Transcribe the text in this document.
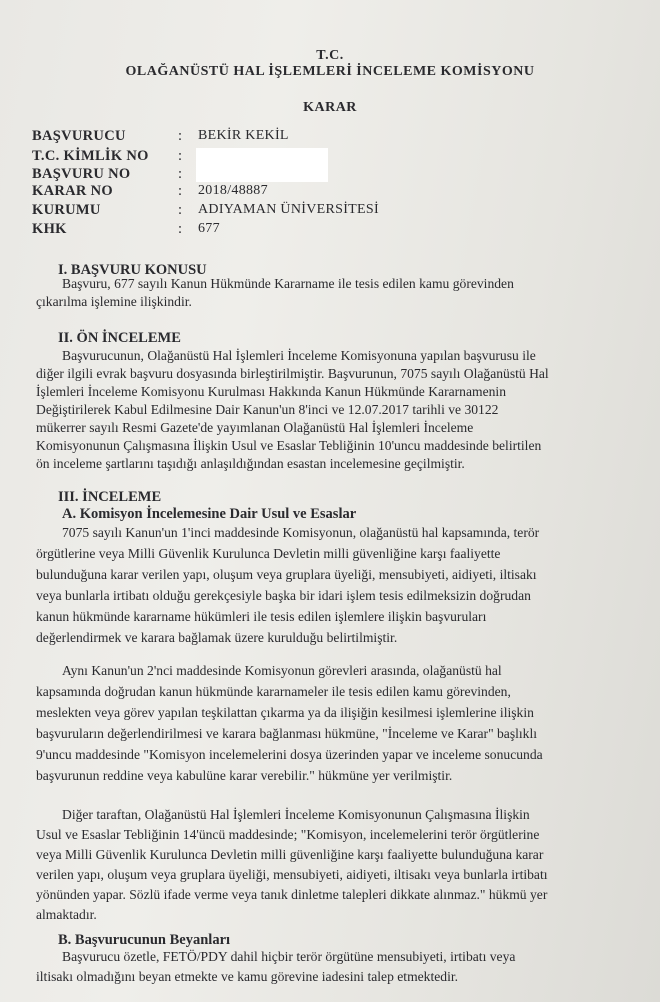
T.C.
OLAĞANÜSTÜ HAL İŞLEMLERİ İNCELEME KOMİSYONU
KARAR
BAŞVURUCU	: BEKİR KEKİL
T.C. KİMLİK NO :
BAŞVURU NO	:
KARAR NO	: 2018/48887
KURUMU	: ADIYAMAN ÜNİVERSİTESİ
KHK	: 677
I. BAŞVURU KONUSU
Başvuru, 677 sayılı Kanun Hükmünde Kararname ile tesis edilen kamu görevinden
çıkarılma işlemine ilişkindir.
II. ÖN İNCELEME
Başvurucunun, Olağanüstü Hal İşlemleri İnceleme Komisyonuna yapılan başvurusu ile
diğer ilgili evrak başvuru dosyasında birleştirilmiştir. Başvurunun, 7075 sayılı Olağanüstü Hal
İşlemleri İnceleme Komisyonu Kurulması Hakkında Kanun Hükmünde Kararnamenin
Değiştirilerek Kabul Edilmesine Dair Kanun'un 8'inci ve 12.07.2017 tarihli ve 30122
mükerrer sayılı Resmi Gazete'de yayımlanan Olağanüstü Hal İşlemleri İnceleme
Komisyonunun Çalışmasına İlişkin Usul ve Esaslar Tebliğinin 10'uncu maddesinde belirtilen
ön inceleme şartlarını taşıdığı anlaşıldığından esastan incelemesine geçilmiştir.
III. İNCELEME
A. Komisyon İncelemesine Dair Usul ve Esaslar
7075 sayılı Kanun'un 1'inci maddesinde Komisyonun, olağanüstü hal kapsamında, terör
örgütlerine veya Milli Güvenlik Kurulunca Devletin milli güvenliğine karşı faaliyette
bulunduğuna karar verilen yapı, oluşum veya gruplara üyeliği, mensubiyeti, aidiyeti, iltisakı
veya bunlarla irtibatı olduğu gerekçesiyle başka bir idari işlem tesis edilmeksizin doğrudan
kanun hükmünde kararname hükümleri ile tesis edilen işlemlere ilişkin başvuruları
değerlendirmek ve karara bağlamak üzere kurulduğu belirtilmiştir.
Aynı Kanun'un 2'nci maddesinde Komisyonun görevleri arasında, olağanüstü hal
kapsamında doğrudan kanun hükmünde kararnameler ile tesis edilen kamu görevinden,
meslekten veya görev yapılan teşkilattan çıkarma ya da ilişiğin kesilmesi işlemlerine ilişkin
başvuruların değerlendirilmesi ve karara bağlanması hükmüne, "İnceleme ve Karar" başlıklı
9'uncu maddesinde "Komisyon incelemelerini dosya üzerinden yapar ve inceleme sonucunda
başvurunun reddine veya kabulüne karar verebilir." hükmüne yer verilmiştir.
Diğer taraftan, Olağanüstü Hal İşlemleri İnceleme Komisyonunun Çalışmasına İlişkin
Usul ve Esaslar Tebliğinin 14'üncü maddesinde; "Komisyon, incelemelerini terör örgütlerine
veya Milli Güvenlik Kurulunca Devletin milli güvenliğine karşı faaliyette bulunduğuna karar
verilen yapı, oluşum veya gruplara üyeliği, mensubiyeti, aidiyeti, iltisakı veya bunlarla irtibatı
yönünden yapar. Sözlü ifade verme veya tanık dinletme talepleri dikkate alınmaz." hükmü yer
almaktadır.
B. Başvurucunun Beyanları
Başvurucu özetle, FETÖ/PDY dahil hiçbir terör örgütüne mensubiyeti, irtibatı veya
iltisakı olmadığını beyan etmekte ve kamu görevine iadesini talep etmektedir.
